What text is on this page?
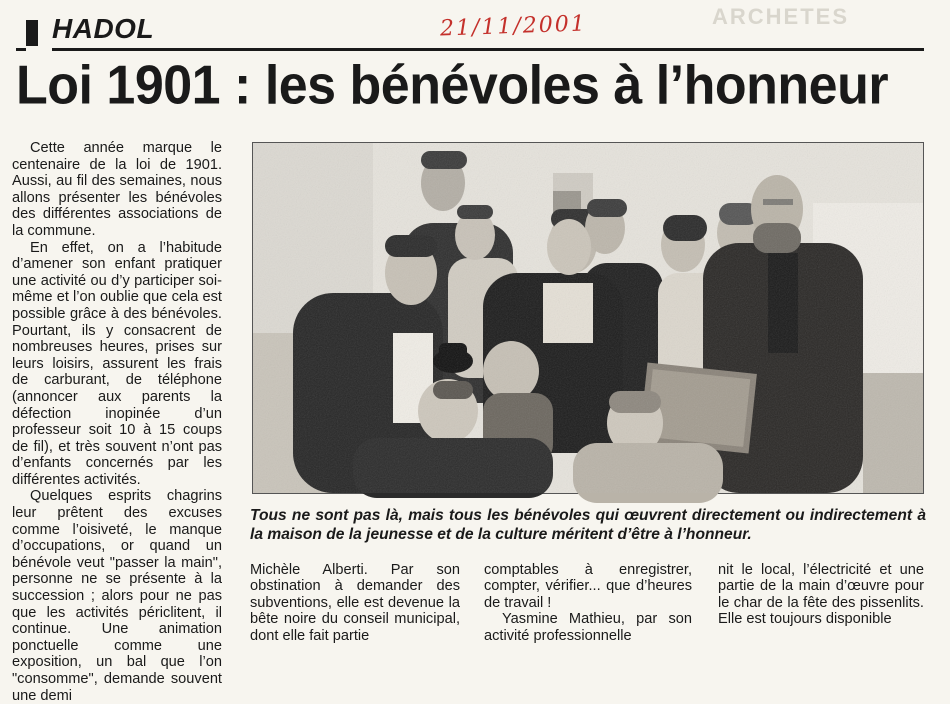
ARCHETES
HADOL	21/11/2001
Loi 1901 : les bénévoles à l’honneur

Cette année marque le centenaire de la loi de 1901. Aussi, au fil des semaines, nous allons présenter les bénévoles des différentes associations de la commune.

En effet, on a l’habitude d’amener son enfant pratiquer une activité ou d’y participer soi-même et l’on oublie que cela est possible grâce à des bénévoles. Pourtant, ils y consacrent de nombreuses heures, prises sur leurs loisirs, assurent les frais de carburant, de téléphone (annoncer aux parents la défection inopinée d’un professeur soit 10 à 15 coups de fil), et très souvent n’ont pas d’enfants concernés par les différentes activités.

Quelques esprits chagrins leur prêtent des excuses comme l’oisiveté, le manque d’occupations, or quand un bénévole veut "passer la main", personne ne se présente à la succession ; alors pour ne pas que les activités périclitent, il continue. Une animation ponctuelle comme une exposition, un bal que l’on "consomme", demande souvent une demi

Tous ne sont pas là, mais tous les bénévoles qui œuvrent directement ou indirectement à la maison de la jeunesse et de la culture méritent d’être à l’honneur.

Michèle Alberti. Par son obstination à demander des subventions, elle est devenue la bête noire du conseil municipal, dont elle fait partie

comptables à enregistrer, compter, vérifier... que d’heures de travail !

Yasmine Mathieu, par son activité professionnelle

nit le local, l’électricité et une partie de la main d’œuvre pour le char de la fête des pissenlits. Elle est toujours disponible
